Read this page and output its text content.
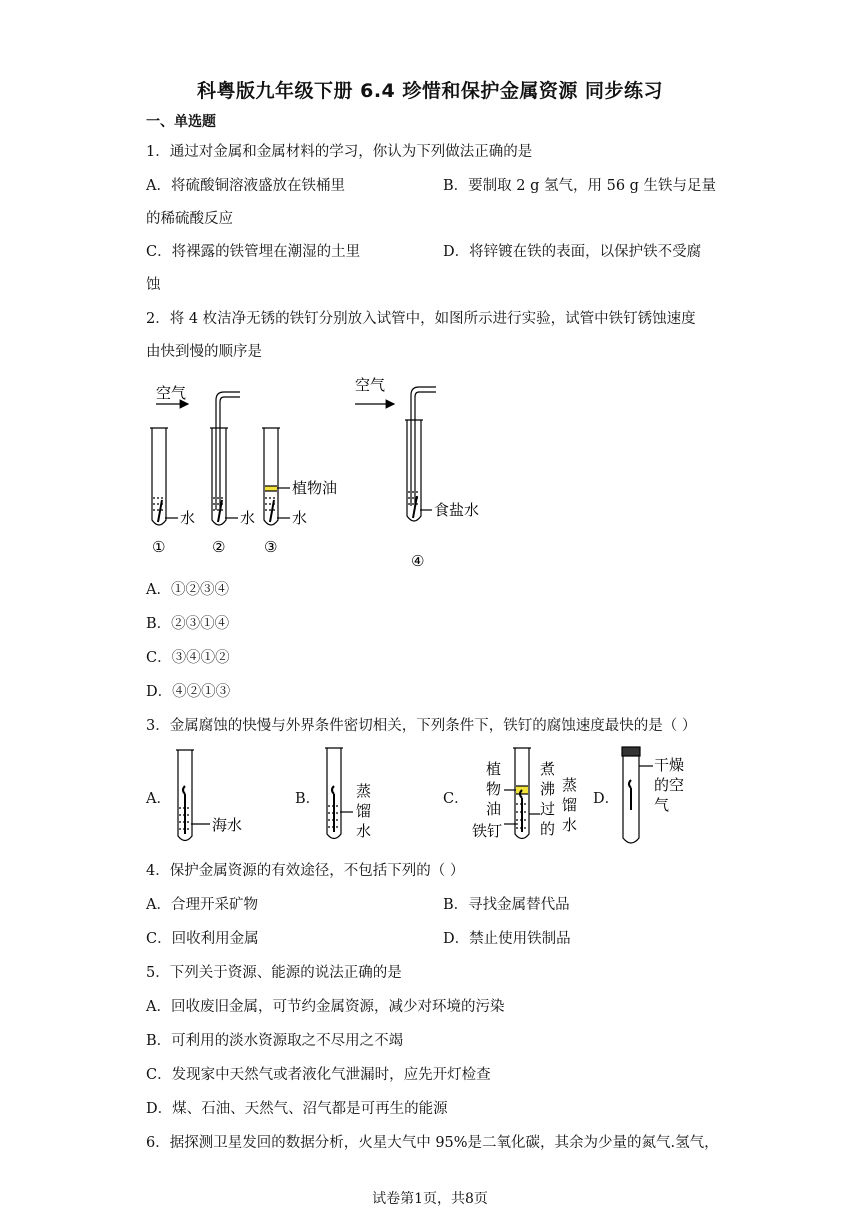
科粤版九年级下册 6.4 珍惜和保护金属资源 同步练习
一、单选题
1．通过对金属和金属材料的学习，你认为下列做法正确的是
A．将硫酸铜溶液盛放在铁桶里	B．要制取 2 g 氢气，用 56 g 生铁与足量
的稀硫酸反应
C．将裸露的铁管埋在潮湿的土里	D．将锌镀在铁的表面，以保护铁不受腐
蚀
2．将 4 枚洁净无锈的铁钉分别放入试管中，如图所示进行实验，试管中铁钉锈蚀速度
由快到慢的顺序是
空气
水	水
植物油
水
空气
食盐水
①	②	③
④
A．①②③④
B．②③①④
C．③④①②
D．④②①③
3．金属腐蚀的快慢与外界条件密切相关，下列条件下，铁钉的腐蚀速度最快的是（ ）
A．	B．	C．	D．
海水
蒸
馏
水
植
物
油
铁钉
煮
沸
过
的
蒸
馏
水
干燥
的空
气
4．保护金属资源的有效途径，不包括下列的（ ）
A．合理开采矿物	B．寻找金属替代品
C．回收利用金属	D．禁止使用铁制品
5．下列关于资源、能源的说法正确的是
A．回收废旧金属，可节约金属资源，减少对环境的污染
B．可利用的淡水资源取之不尽用之不竭
C．发现家中天然气或者液化气泄漏时，应先开灯检查
D．煤、石油、天然气、沼气都是可再生的能源
6．据探测卫星发回的数据分析，火星大气中 95%是二氧化碳，其余为少量的氮气.氢气，
试卷第1页，共8页
